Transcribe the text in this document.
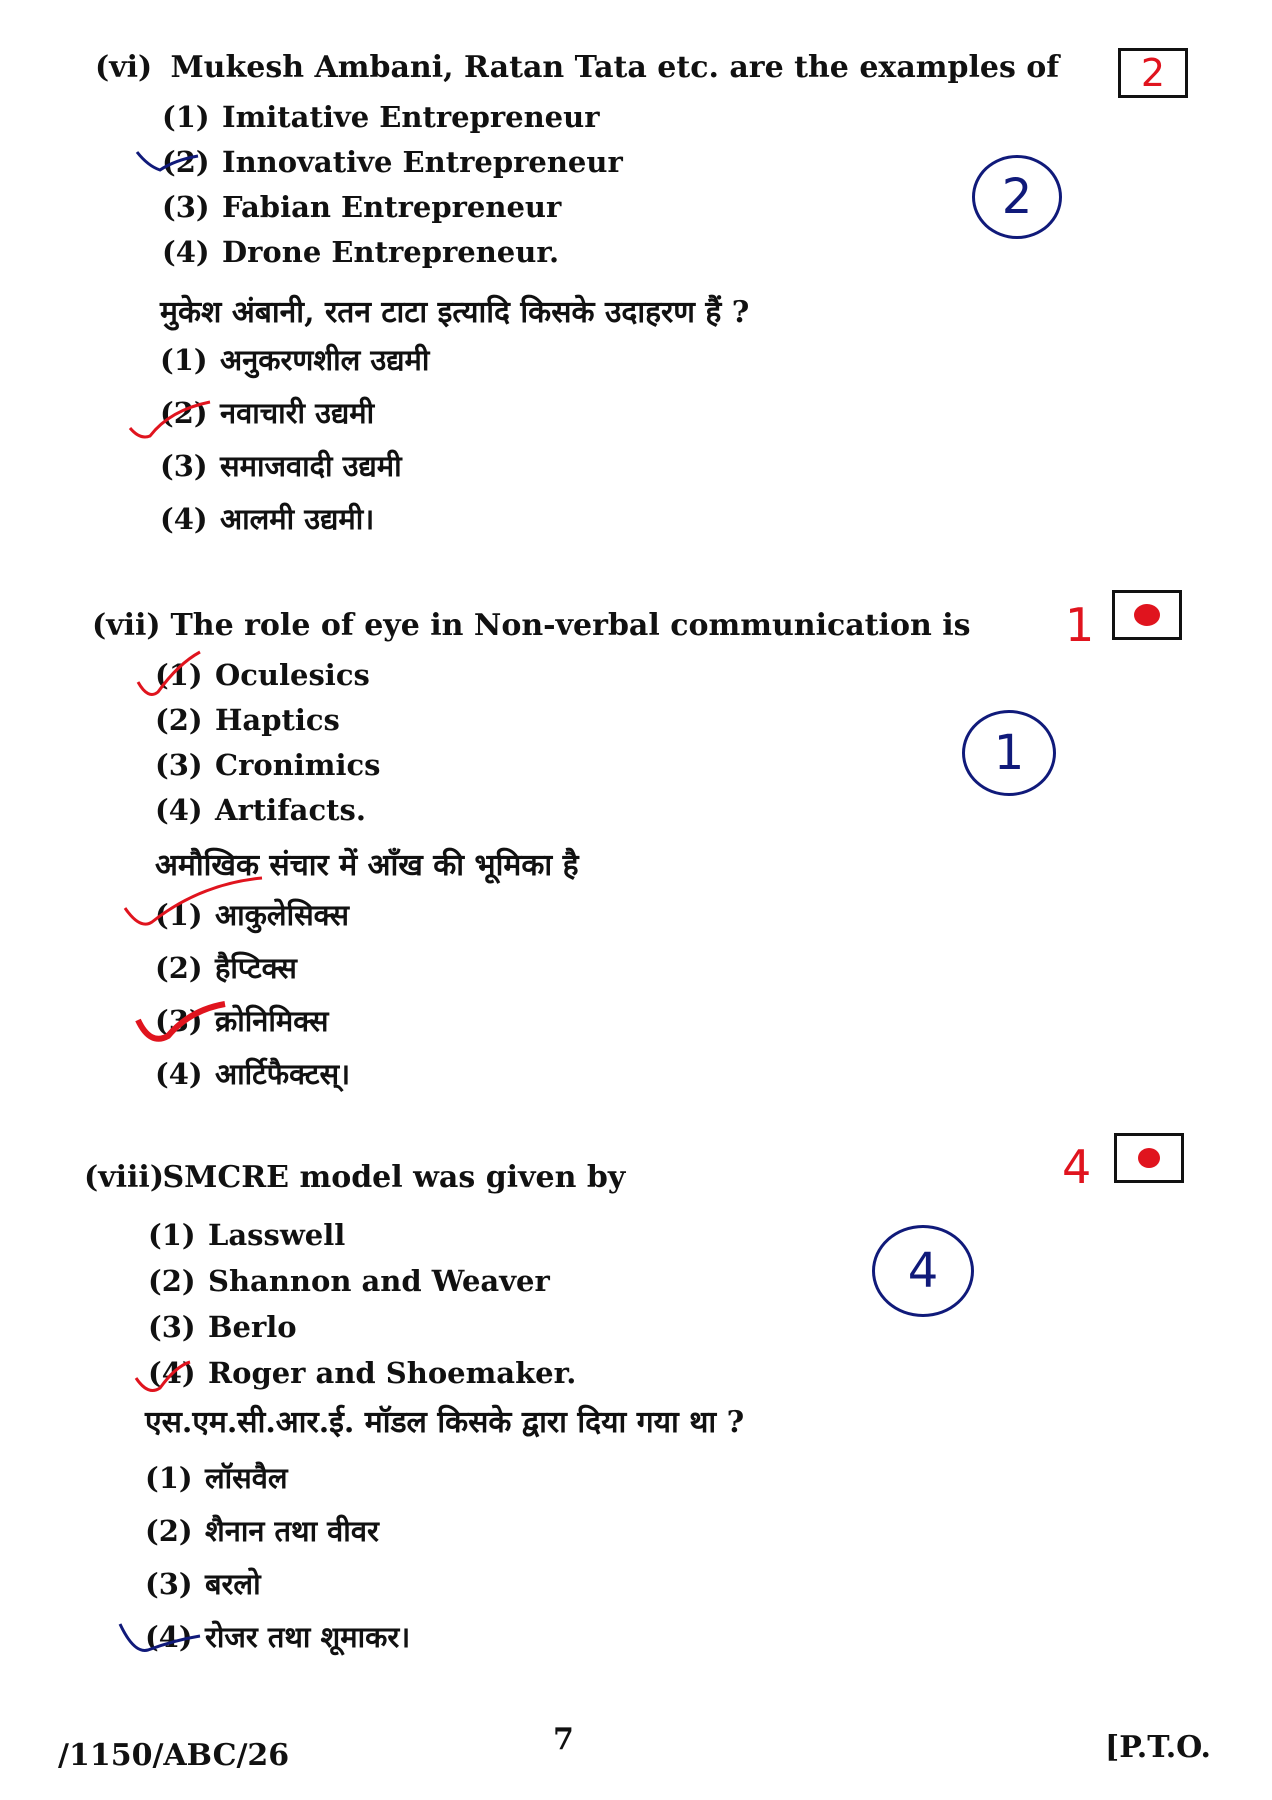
(vi) Mukesh Ambani, Ratan Tata etc. are the examples of
(1) Imitative Entrepreneur
(2) Innovative Entrepreneur
(3) Fabian Entrepreneur
(4) Drone Entrepreneur.
मुकेश अंबानी, रतन टाटा इत्यादि किसके उदाहरण हैं ?
(1) अनुकरणशील उद्यमी
(2) नवाचारी उद्यमी
(3) समाजवादी उद्यमी
(4) आलमी उद्यमी।
2
2
(vii) The role of eye in Non-verbal communication is
(1) Oculesics
(2) Haptics
(3) Cronimics
(4) Artifacts.
अमौखिक संचार में आँख की भूमिका है
(1) आकुलेसिक्स
(2) हैप्टिक्स
(3) क्रोनिमिक्स
(4) आर्टिफैक्टस्।
1
1
(viii) SMCRE model was given by
(1) Lasswell
(2) Shannon and Weaver
(3) Berlo
(4) Roger and Shoemaker.
एस.एम.सी.आर.ई. मॉडल किसके द्वारा दिया गया था ?
(1) लॉसवैल
(2) शैनान तथा वीवर
(3) बरलो
(4) रोजर तथा शूमाकर।
4
4
/1150/ABC/26	7	[P.T.O.
